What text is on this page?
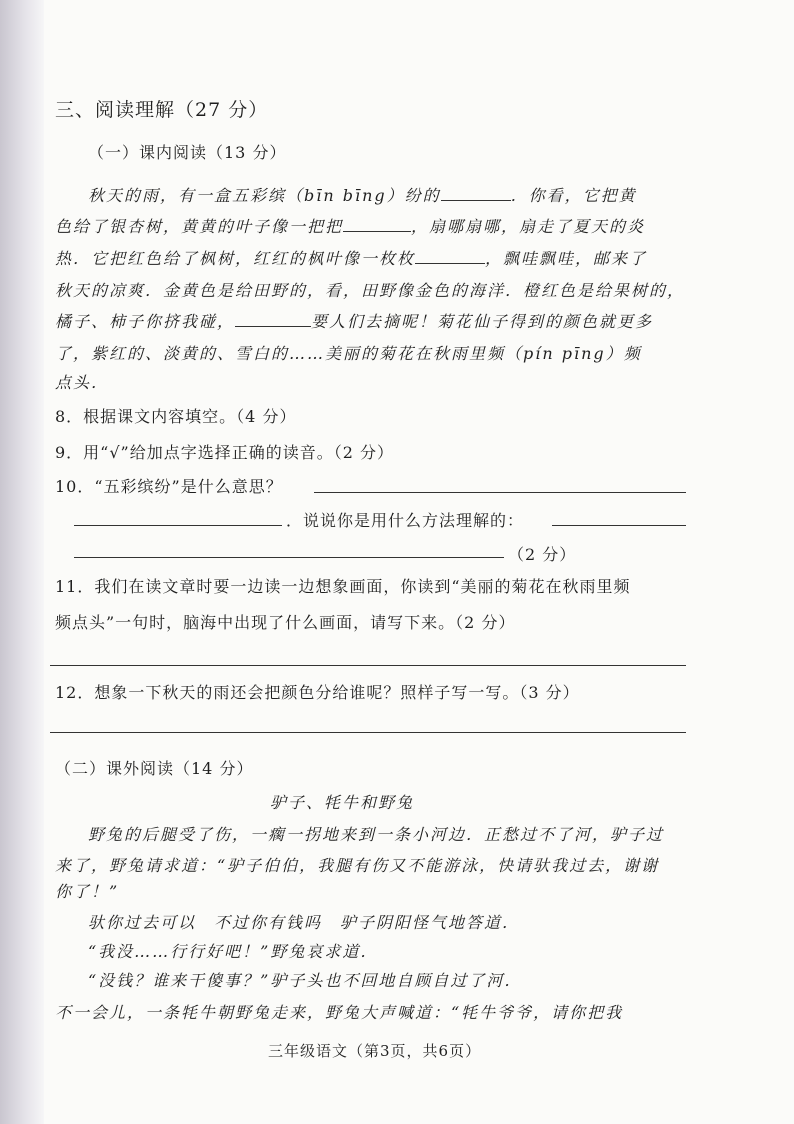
三、阅读理解（27 分）
（一）课内阅读（13 分）
秋天的雨，有一盒五彩缤（bīn bīng）纷的	．你看，它把黄
色给了银杏树，黄黄的叶子像一把把	，扇哪扇哪，扇走了夏天的炎
热．它把红色给了枫树，红红的枫叶像一枚枚	，飘哇飘哇，邮来了
秋天的凉爽．金黄色是给田野的，看，田野像金色的海洋．橙红色是给果树的，
橘子、柿子你挤我碰，	要人们去摘呢！菊花仙子得到的颜色就更多
了，紫红的、淡黄的、雪白的……美丽的菊花在秋雨里频（pín pīng）频
点头．
8．根据课文内容填空。（4 分）
9．用“√”给加点字选择正确的读音。（2 分）
10．“五彩缤纷”是什么意思？
．说说你是用什么方法理解的：
（2 分）
11．我们在读文章时要一边读一边想象画面，你读到“美丽的菊花在秋雨里频
频点头”一句时，脑海中出现了什么画面，请写下来。（2 分）
12．想象一下秋天的雨还会把颜色分给谁呢？照样子写一写。（3 分）
（二）课外阅读（14 分）
驴子、牦牛和野兔
野兔的后腿受了伤，一瘸一拐地来到一条小河边．正愁过不了河，驴子过
来了，野兔请求道：“驴子伯伯，我腿有伤又不能游泳，快请驮我过去，谢谢
你了！”
驮你过去可以　不过你有钱吗　驴子阴阳怪气地答道．
“我没……行行好吧！”野兔哀求道．
“没钱？谁来干傻事？”驴子头也不回地自顾自过了河．
不一会儿，一条牦牛朝野兔走来，野兔大声喊道：“牦牛爷爷，请你把我
三年级语文（第3页，共6页）
